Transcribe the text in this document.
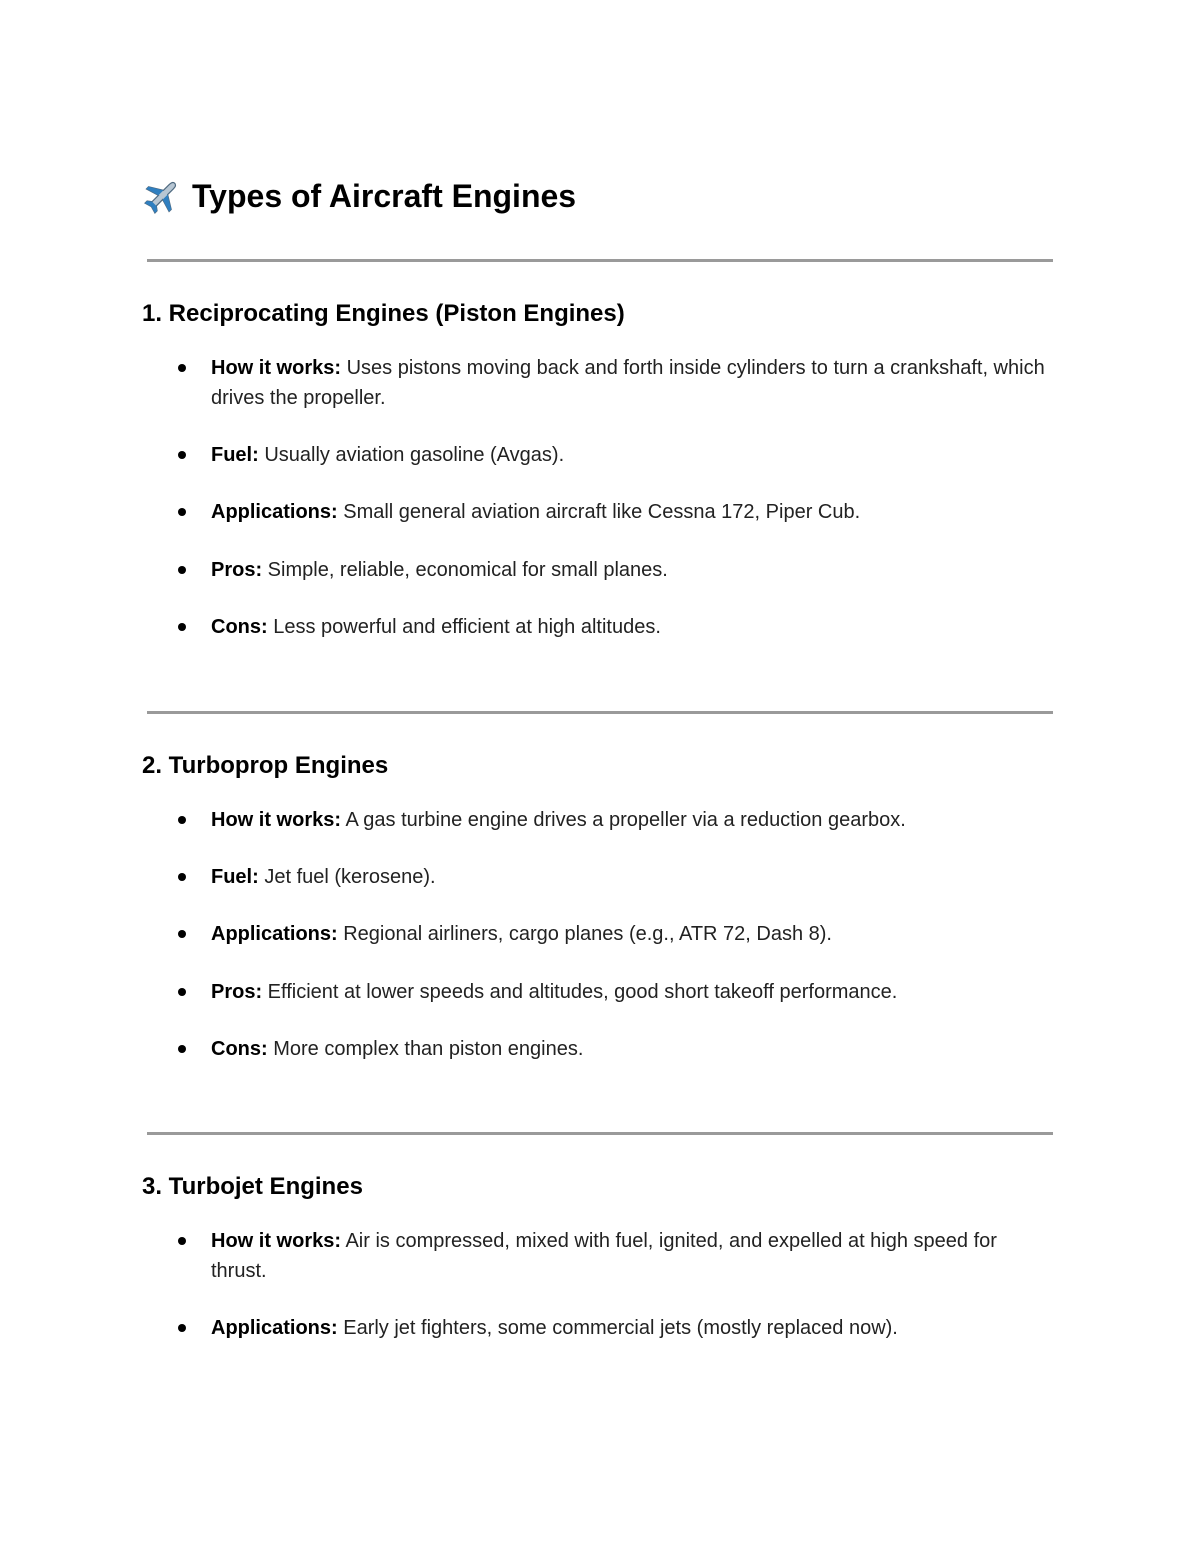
Types of Aircraft Engines
1. Reciprocating Engines (Piston Engines)
How it works: Uses pistons moving back and forth inside cylinders to turn a crankshaft, which drives the propeller.
Fuel: Usually aviation gasoline (Avgas).
Applications: Small general aviation aircraft like Cessna 172, Piper Cub.
Pros: Simple, reliable, economical for small planes.
Cons: Less powerful and efficient at high altitudes.
2. Turboprop Engines
How it works: A gas turbine engine drives a propeller via a reduction gearbox.
Fuel: Jet fuel (kerosene).
Applications: Regional airliners, cargo planes (e.g., ATR 72, Dash 8).
Pros: Efficient at lower speeds and altitudes, good short takeoff performance.
Cons: More complex than piston engines.
3. Turbojet Engines
How it works: Air is compressed, mixed with fuel, ignited, and expelled at high speed for thrust.
Applications: Early jet fighters, some commercial jets (mostly replaced now).
